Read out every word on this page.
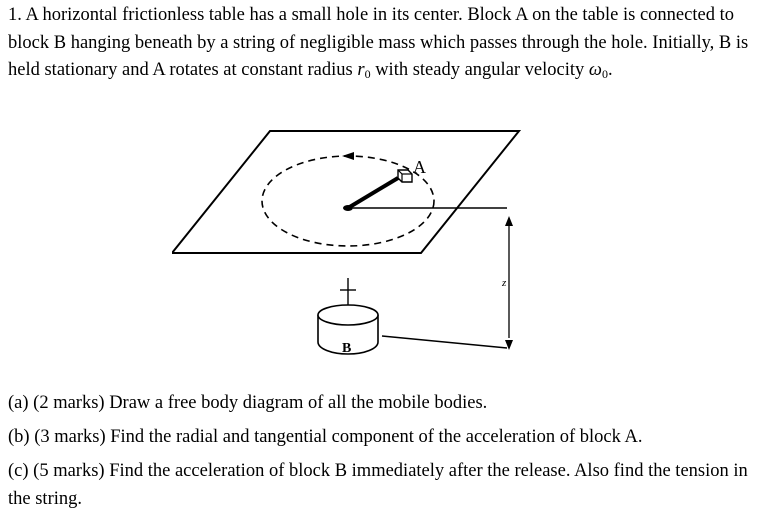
1. A horizontal frictionless table has a small hole in its center. Block A on the table is connected to block B hanging beneath by a string of negligible mass which passes through the hole. Initially, B is held stationary and A rotates at constant radius $r_0$ with steady angular velocity $\omega_0$.
A
B
z
(a) (2 marks) Draw a free body diagram of all the mobile bodies.
(b) (3 marks) Find the radial and tangential component of the acceleration of block A.
(c) (5 marks) Find the acceleration of block B immediately after the release. Also find the tension in the string.
